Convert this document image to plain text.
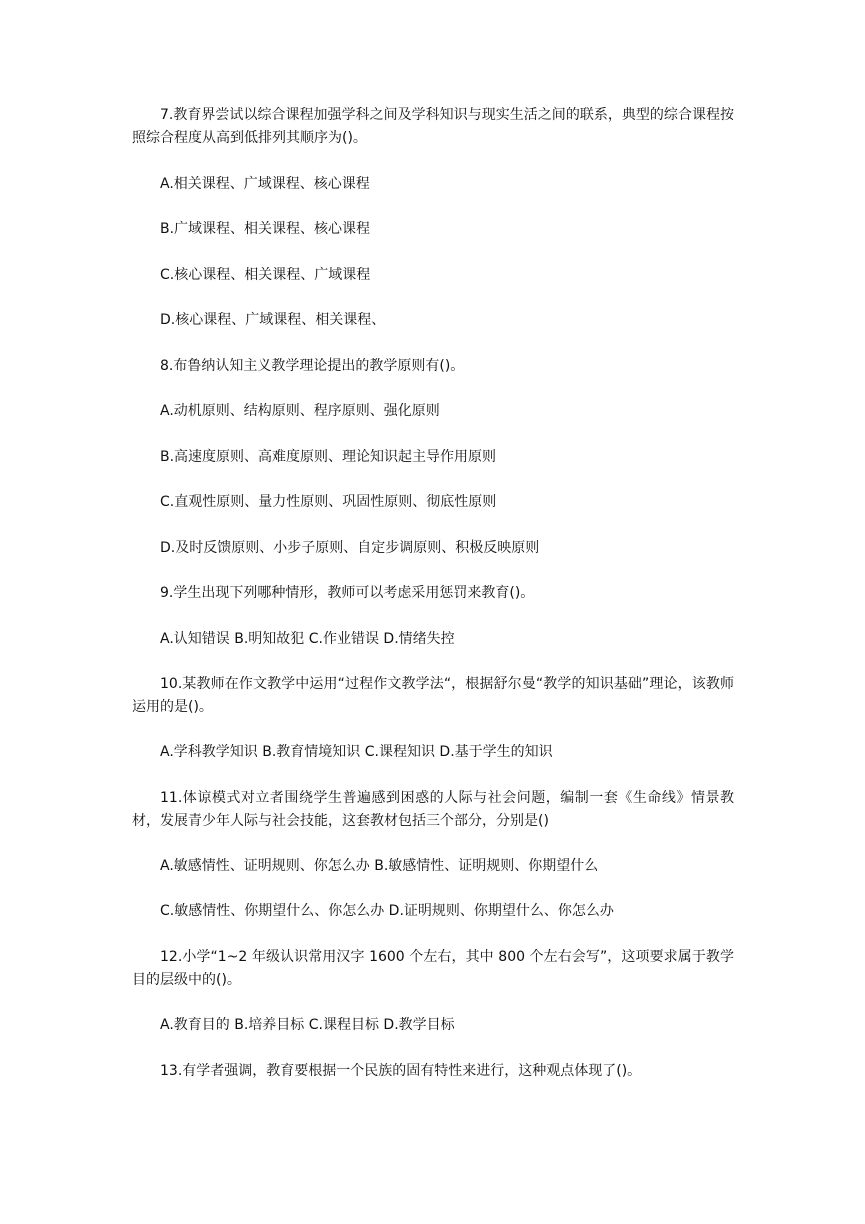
7.教育界尝试以综合课程加强学科之间及学科知识与现实生活之间的联系，典型的综合课程按照综合程度从高到低排列其顺序为()。

A.相关课程、广域课程、核心课程

B.广域课程、相关课程、核心课程

C.核心课程、相关课程、广域课程

D.核心课程、广域课程、相关课程、

8.布鲁纳认知主义教学理论提出的教学原则有()。

A.动机原则、结构原则、程序原则、强化原则

B.高速度原则、高难度原则、理论知识起主导作用原则

C.直观性原则、量力性原则、巩固性原则、彻底性原则

D.及时反馈原则、小步子原则、自定步调原则、积极反映原则

9.学生出现下列哪种情形，教师可以考虑采用惩罚来教育()。

A.认知错误 B.明知故犯 C.作业错误 D.情绪失控

10.某教师在作文教学中运用“过程作文教学法“，根据舒尔曼“教学的知识基础”理论，该教师运用的是()。

A.学科教学知识 B.教育情境知识 C.课程知识 D.基于学生的知识

11.体谅模式对立者围绕学生普遍感到困惑的人际与社会问题，编制一套《生命线》情景教材，发展青少年人际与社会技能，这套教材包括三个部分，分别是()

A.敏感情性、证明规则、你怎么办 B.敏感情性、证明规则、你期望什么

C.敏感情性、你期望什么、你怎么办 D.证明规则、你期望什么、你怎么办

12.小学“1~2 年级认识常用汉字 1600 个左右，其中 800 个左右会写”，这项要求属于教学目的层级中的()。

A.教育目的 B.培养目标 C.课程目标 D.教学目标

13.有学者强调，教育要根据一个民族的固有特性来进行，这种观点体现了()。
